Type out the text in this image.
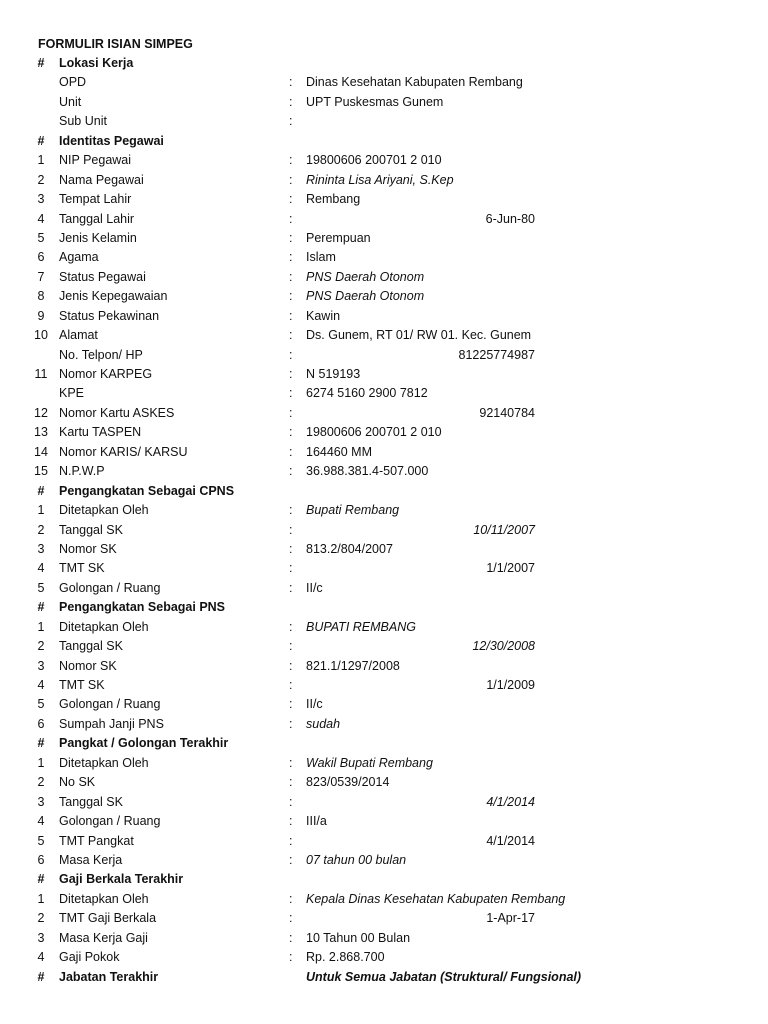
FORMULIR ISIAN SIMPEG
#	Lokasi Kerja
OPD	: Dinas Kesehatan Kabupaten Rembang
Unit	: UPT Puskesmas Gunem
Sub Unit	:
#	Identitas Pegawai
1	NIP Pegawai	: 19800606 200701 2 010
2	Nama Pegawai	: Rininta Lisa Ariyani, S.Kep
3	Tempat Lahir	: Rembang
4	Tanggal Lahir	:	6-Jun-80
5	Jenis Kelamin	: Perempuan
6	Agama	: Islam
7	Status Pegawai	: PNS Daerah Otonom
8	Jenis Kepegawaian	: PNS Daerah Otonom
9	Status Pekawinan	: Kawin
10 Alamat	: Ds. Gunem, RT 01/ RW 01. Kec. Gunem
No. Telpon/ HP	:	81225774987
11 Nomor KARPEG	: N 519193
KPE	: 6274 5160 2900 7812
12 Nomor Kartu ASKES	:	92140784
13 Kartu TASPEN	: 19800606 200701 2 010
14 Nomor KARIS/ KARSU	: 164460 MM
15 N.P.W.P	: 36.988.381.4-507.000
#	Pengangkatan Sebagai CPNS
1	Ditetapkan Oleh	: Bupati Rembang
2	Tanggal SK	:	10/11/2007
3	Nomor SK	: 813.2/804/2007
4	TMT SK	:	1/1/2007
5	Golongan / Ruang	: II/c
#	Pengangkatan Sebagai PNS
1	Ditetapkan Oleh	: BUPATI REMBANG
2	Tanggal SK	:	12/30/2008
3	Nomor SK	: 821.1/1297/2008
4	TMT SK	:	1/1/2009
5	Golongan / Ruang	: II/c
6	Sumpah Janji PNS	: sudah
#	Pangkat / Golongan Terakhir
1	Ditetapkan Oleh	: Wakil Bupati Rembang
2	No SK	: 823/0539/2014
3	Tanggal SK	:	4/1/2014
4	Golongan / Ruang	: III/a
5	TMT Pangkat	:	4/1/2014
6	Masa Kerja	: 07 tahun 00 bulan
#	Gaji Berkala Terakhir
1	Ditetapkan Oleh	: Kepala Dinas Kesehatan Kabupaten Rembang
2	TMT Gaji Berkala	:	1-Apr-17
3	Masa Kerja Gaji	: 10 Tahun 00 Bulan
4	Gaji Pokok	: Rp. 2.868.700
#	Jabatan Terakhir	Untuk Semua Jabatan (Struktural/ Fungsional)
